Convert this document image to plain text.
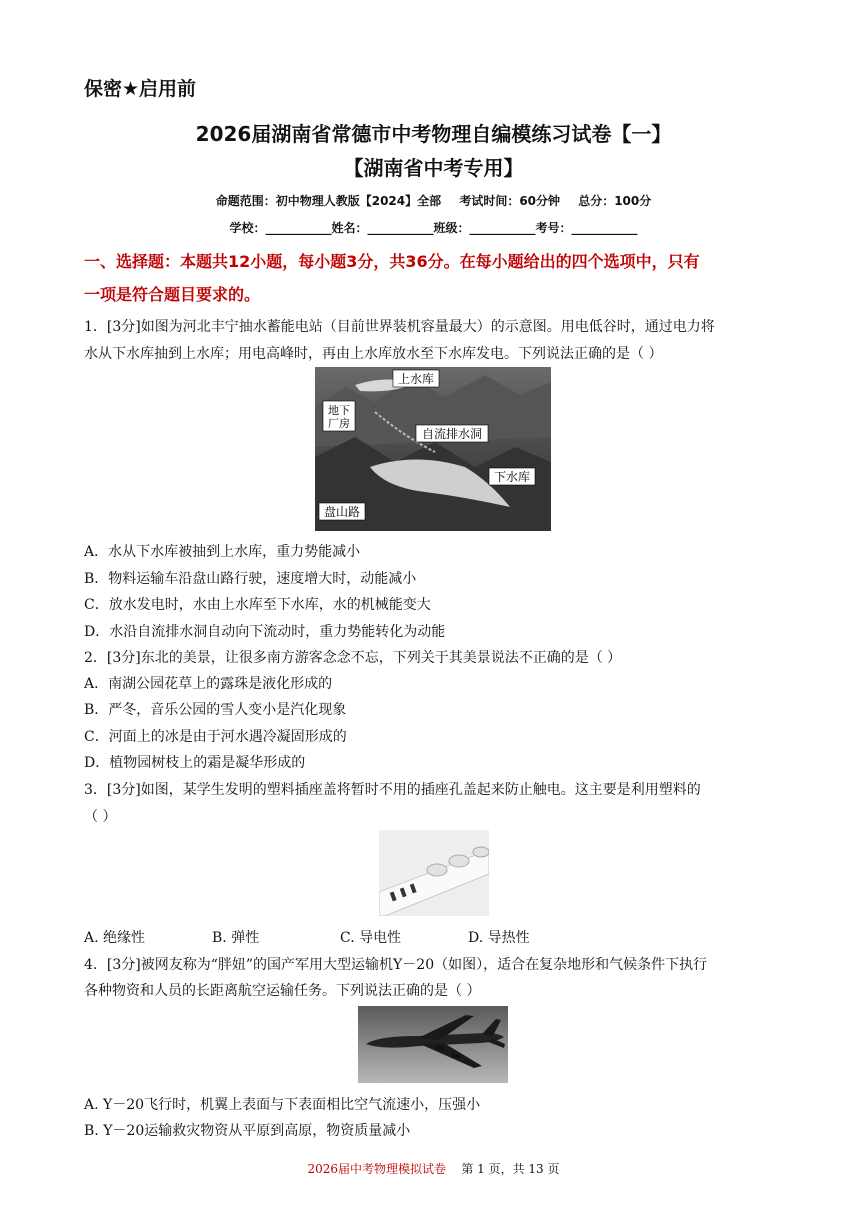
保密★启用前
2026届湖南省常德市中考物理自编模练习试卷【一】
【湖南省中考专用】
命题范围：初中物理人教版【2024】全部 考试时间：60分钟 总分：100分
学校：___________姓名：___________班级：___________考号：___________
一、选择题：本题共12小题，每小题3分，共36分。在每小题给出的四个选项中，只有
一项是符合题目要求的。
1．[3分]如图为河北丰宁抽水蓄能电站（目前世界装机容量最大）的示意图。用电低谷时，通过电力将
水从下水库抽到上水库；用电高峰时，再由上水库放水至下水库发电。下列说法正确的是（ ）
上水库
地下
厂房
自流排水洞
下水库
盘山路
A．水从下水库被抽到上水库，重力势能减小
B．物料运输车沿盘山路行驶，速度增大时，动能减小
C．放水发电时，水由上水库至下水库，水的机械能变大
D．水沿自流排水洞自动向下流动时，重力势能转化为动能
2．[3分]东北的美景，让很多南方游客念念不忘，下列关于其美景说法不正确的是（ ）
A．南湖公园花草上的露珠是液化形成的
B．严冬，音乐公园的雪人变小是汽化现象
C．河面上的冰是由于河水遇冷凝固形成的
D．植物园树枝上的霜是凝华形成的
3．[3分]如图，某学生发明的塑料插座盖将暂时不用的插座孔盖起来防止触电。这主要是利用塑料的
（ ）
A. 绝缘性	B. 弹性	C. 导电性	D. 导热性
4．[3分]被网友称为“胖妞”的国产军用大型运输机Y－20（如图），适合在复杂地形和气候条件下执行
各种物资和人员的长距离航空运输任务。下列说法正确的是（ ）
A. Y－20飞行时，机翼上表面与下表面相比空气流速小，压强小
B. Y－20运输救灾物资从平原到高原，物资质量减小
2026届中考物理模拟试卷 第 1 页，共 13 页
